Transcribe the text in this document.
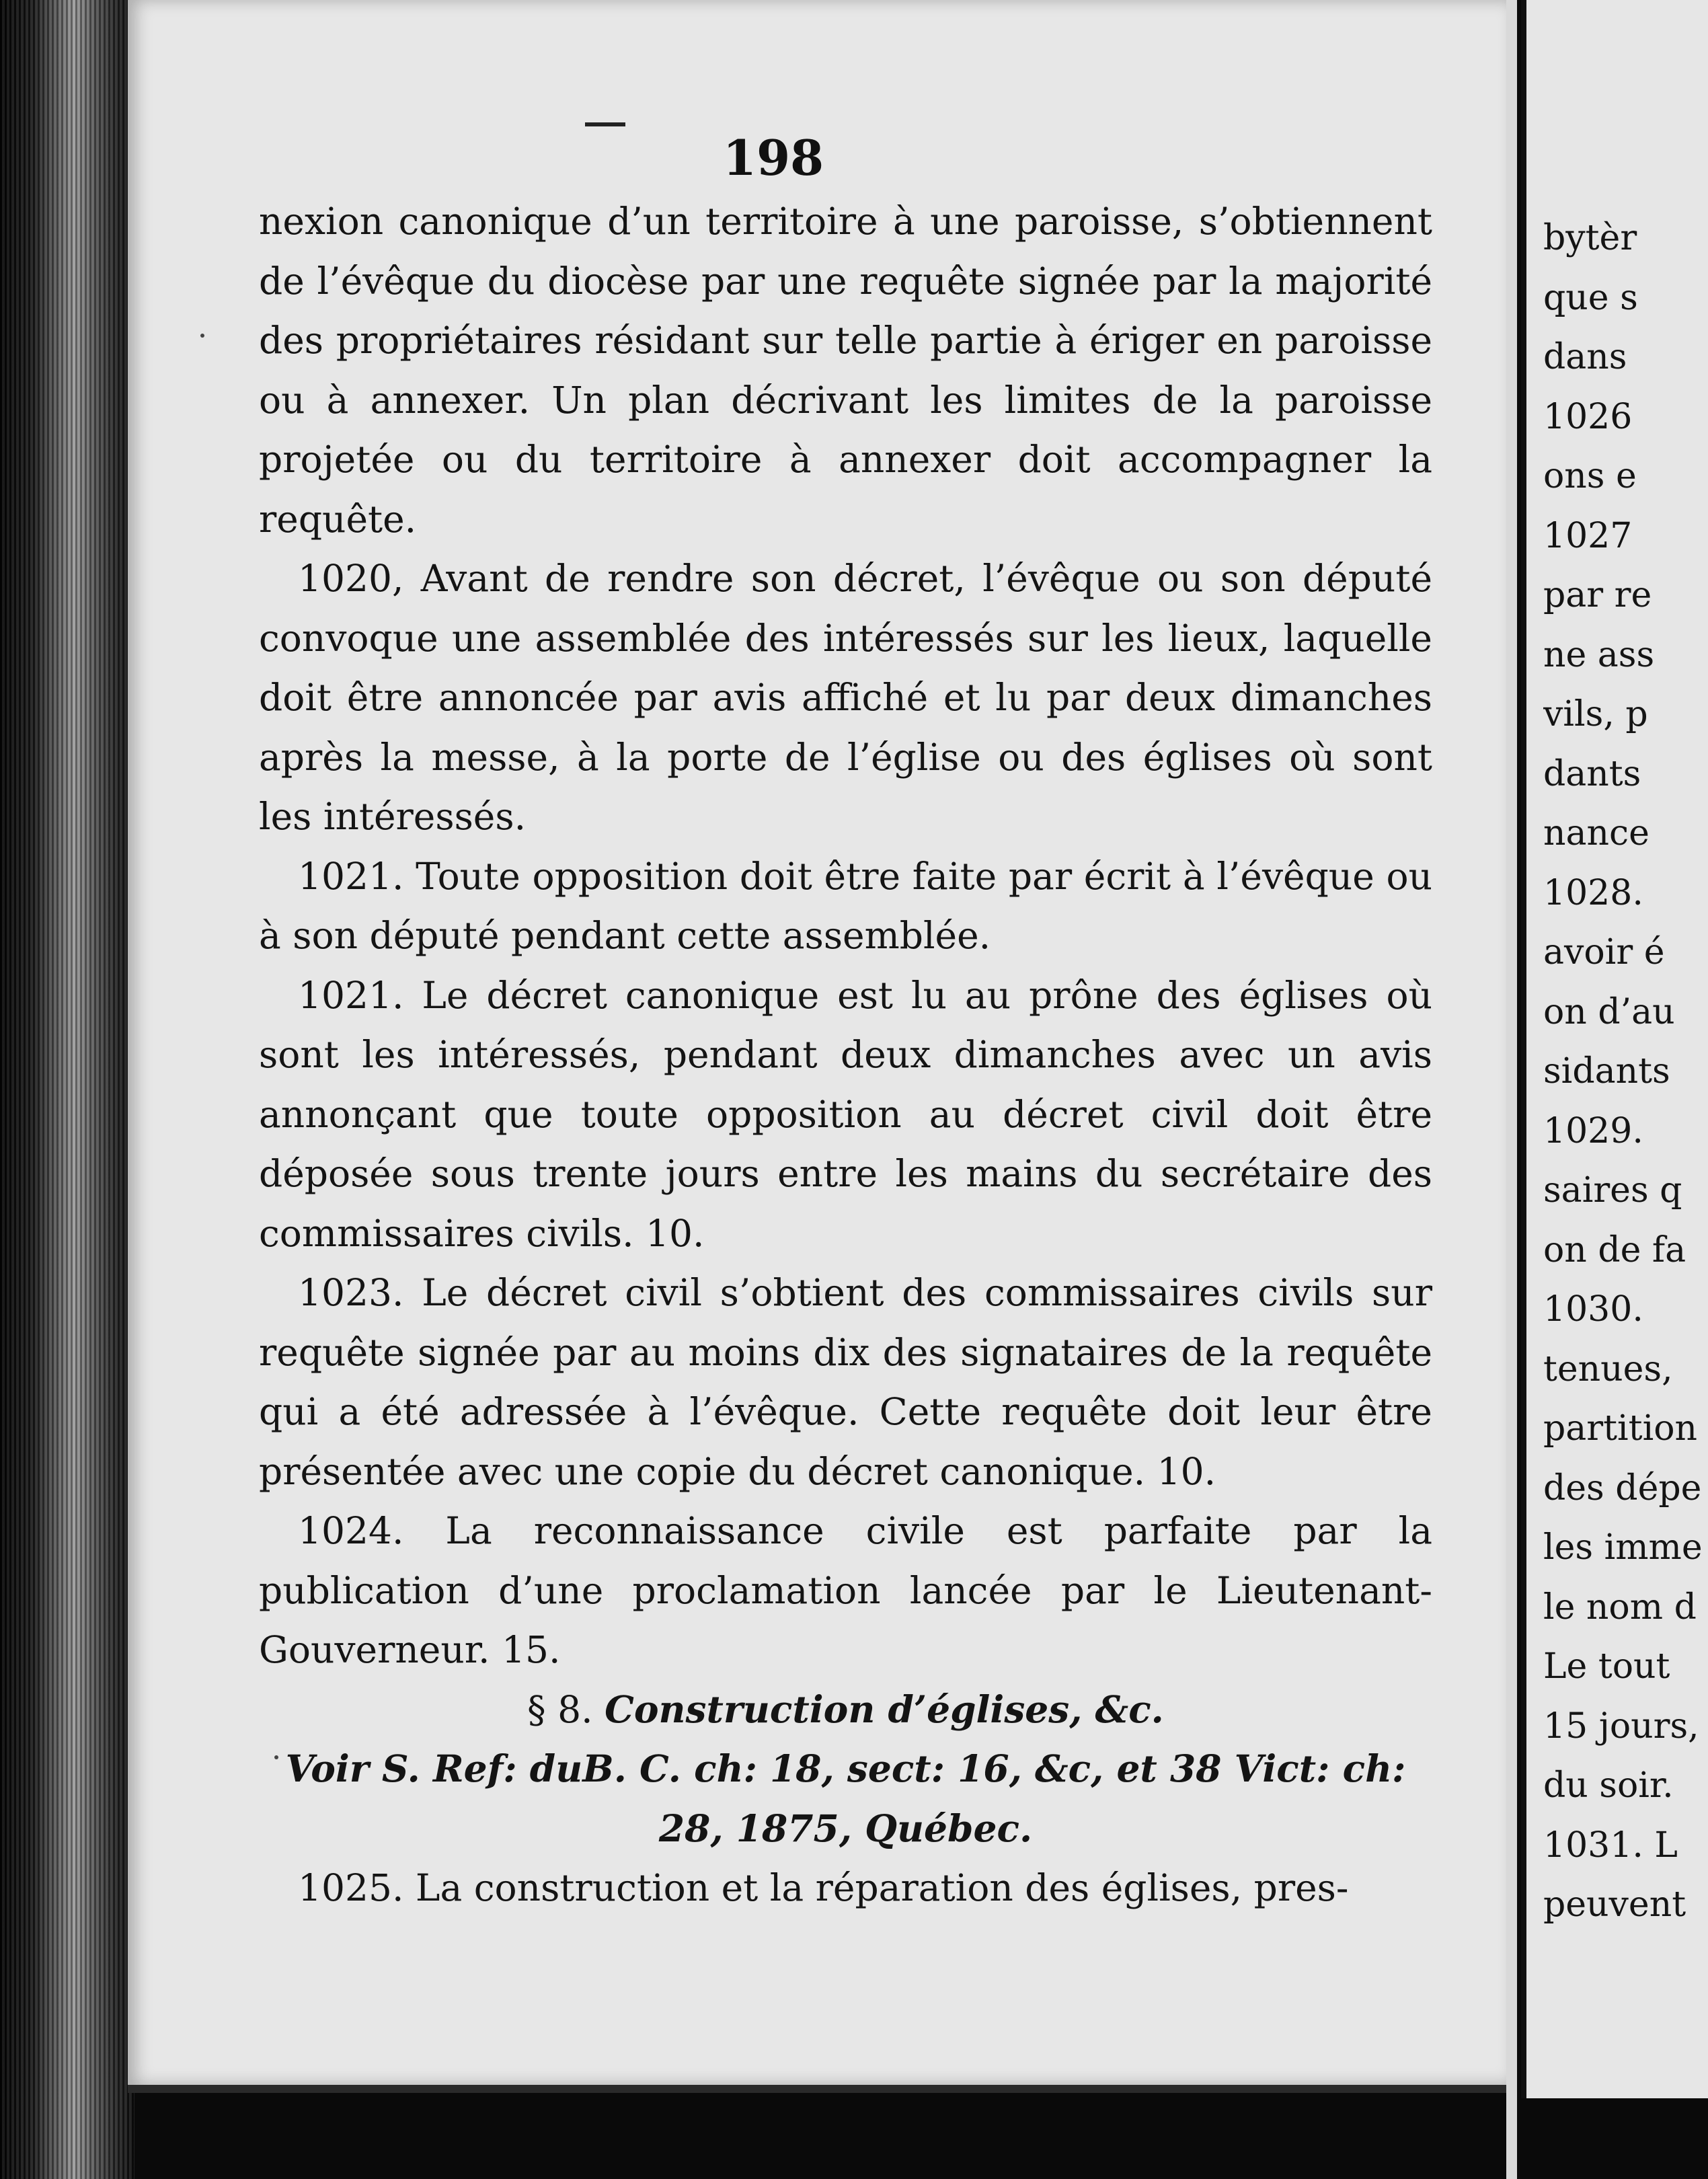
198

nexion canonique d’un territoire à une paroisse, s’obtiennent de l’évêque du diocèse par une requête signée par la majorité des propriétaires résidant sur telle partie à ériger en paroisse ou à annexer. Un plan décrivant les limites de la paroisse projetée ou du territoire à annexer doit accompagner la requête.

1020, Avant de rendre son décret, l’évêque ou son député convoque une assemblée des intéressés sur les lieux, laquelle doit être annoncée par avis affiché et lu par deux dimanches après la messe, à la porte de l’église ou des églises où sont les intéressés.

1021. Toute opposition doit être faite par écrit à l’évêque ou à son député pendant cette assemblée.

1021. Le décret canonique est lu au prône des églises où sont les intéressés, pendant deux dimanches avec un avis annonçant que toute opposition au décret civil doit être déposée sous trente jours entre les mains du secrétaire des commissaires civils. 10.

1023. Le décret civil s’obtient des commissaires civils sur requête signée par au moins dix des signataires de la requête qui a été adressée à l’évêque. Cette requête doit leur être présentée avec une copie du décret canonique. 10.

1024. La reconnaissance civile est parfaite par la publication d’une proclamation lancée par le Lieutenant-Gouverneur. 15.

§ 8. Construction d’églises, &c.

Voir S. Ref: duB. C. ch: 18, sect: 16, &c, et 38 Vict: ch:

28, 1875, Québec.

1025. La construction et la réparation des églises, pres-

bytèr
que s
dans
1026
ons e
1027
par re
ne ass
vils, p
dants
nance
1028.
avoir é
on d’au
sidants
1029.
saires q
on de fa
1030.
tenues,
partition
des dépe
les imme
le nom d
Le tout
15 jours,
du soir.
1031. L
peuvent
